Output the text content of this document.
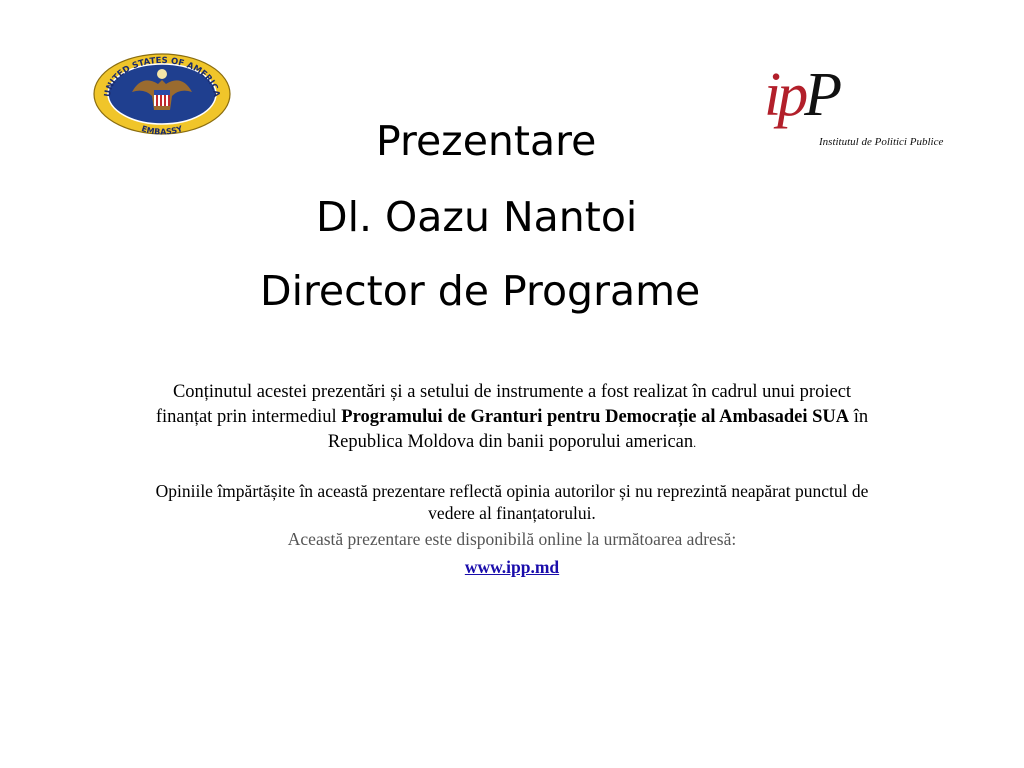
UNITED STATES OF AMERICA
EMBASSY
ipP
Institutul de Politici Publice
Prezentare
Dl. Oazu Nantoi
Director de Programe
Conținutul acestei prezentări și a setului de instrumente a fost realizat în cadrul unui proiect finanțat prin intermediul Programului de Granturi pentru Democrație al Ambasadei SUA în Republica Moldova din banii poporului american.
Opiniile împărtășite în această prezentare reflectă opinia autorilor și nu reprezintă neapărat punctul de vedere al finanțatorului.
Această prezentare este disponibilă online la următoarea adresă:
www.ipp.md
